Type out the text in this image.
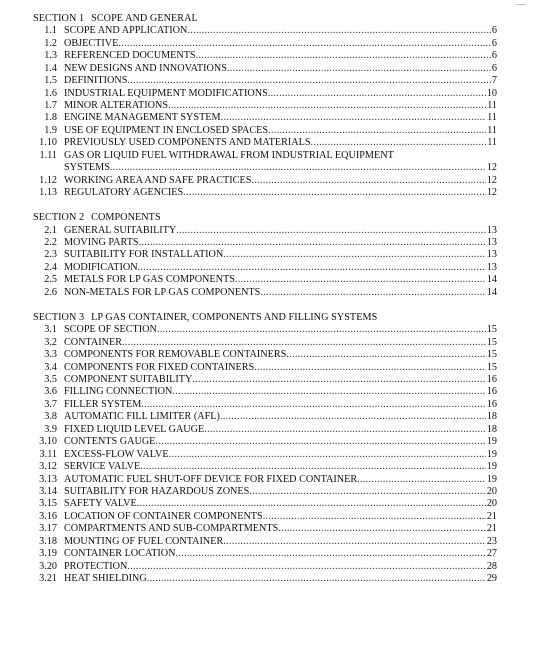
SECTION 1 SCOPE AND GENERAL
1.1 SCOPE AND APPLICATION .....	6
1.2 OBJECTIVE .....	6
1.3 REFERENCED DOCUMENTS .....	6
1.4 NEW DESIGNS AND INNOVATIONS .....	6
1.5 DEFINITIONS .....	7
1.6 INDUSTRIAL EQUIPMENT MODIFICATIONS .....	10
1.7 MINOR ALTERATIONS .....	11
1.8 ENGINE MANAGEMENT SYSTEM .....	11
1.9 USE OF EQUIPMENT IN ENCLOSED SPACES .....	11
1.10 PREVIOUSLY USED COMPONENTS AND MATERIALS .....	11
1.11 GAS OR LIQUID FUEL WITHDRAWAL FROM INDUSTRIAL EQUIPMENT
SYSTEMS .....	12
1.12 WORKING AREA AND SAFE PRACTICES .....	12
1.13 REGULATORY AGENCIES .....	12
SECTION 2 COMPONENTS
2.1 GENERAL SUITABILITY .....	13
2.2 MOVING PARTS .....	13
2.3 SUITABILITY FOR INSTALLATION .....	13
2.4 MODIFICATION .....	13
2.5 METALS FOR LP GAS COMPONENTS .....	14
2.6 NON-METALS FOR LP GAS COMPONENTS .....	14
SECTION 3 LP GAS CONTAINER, COMPONENTS AND FILLING SYSTEMS
3.1 SCOPE OF SECTION .....	15
3.2 CONTAINER .....	15
3.3 COMPONENTS FOR REMOVABLE CONTAINERS .....	15
3.4 COMPONENTS FOR FIXED CONTAINERS .....	15
3.5 COMPONENT SUITABILITY .....	16
3.6 FILLING CONNECTION .....	16
3.7 FILLER SYSTEM .....	16
3.8 AUTOMATIC FILL LIMITER (AFL) .....	18
3.9 FIXED LIQUID LEVEL GAUGE .....	18
3.10 CONTENTS GAUGE .....	19
3.11 EXCESS-FLOW VALVE .....	19
3.12 SERVICE VALVE .....	19
3.13 AUTOMATIC FUEL SHUT-OFF DEVICE FOR FIXED CONTAINER .....	19
3.14 SUITABILITY FOR HAZARDOUS ZONES .....	20
3.15 SAFETY VALVE .....	20
3.16 LOCATION OF CONTAINER COMPONENTS .....	21
3.17 COMPARTMENTS AND SUB-COMPARTMENTS .....	21
3.18 MOUNTING OF FUEL CONTAINER .....	23
3.19 CONTAINER LOCATION .....	27
3.20 PROTECTION .....	28
3.21 HEAT SHIELDING .....	29
